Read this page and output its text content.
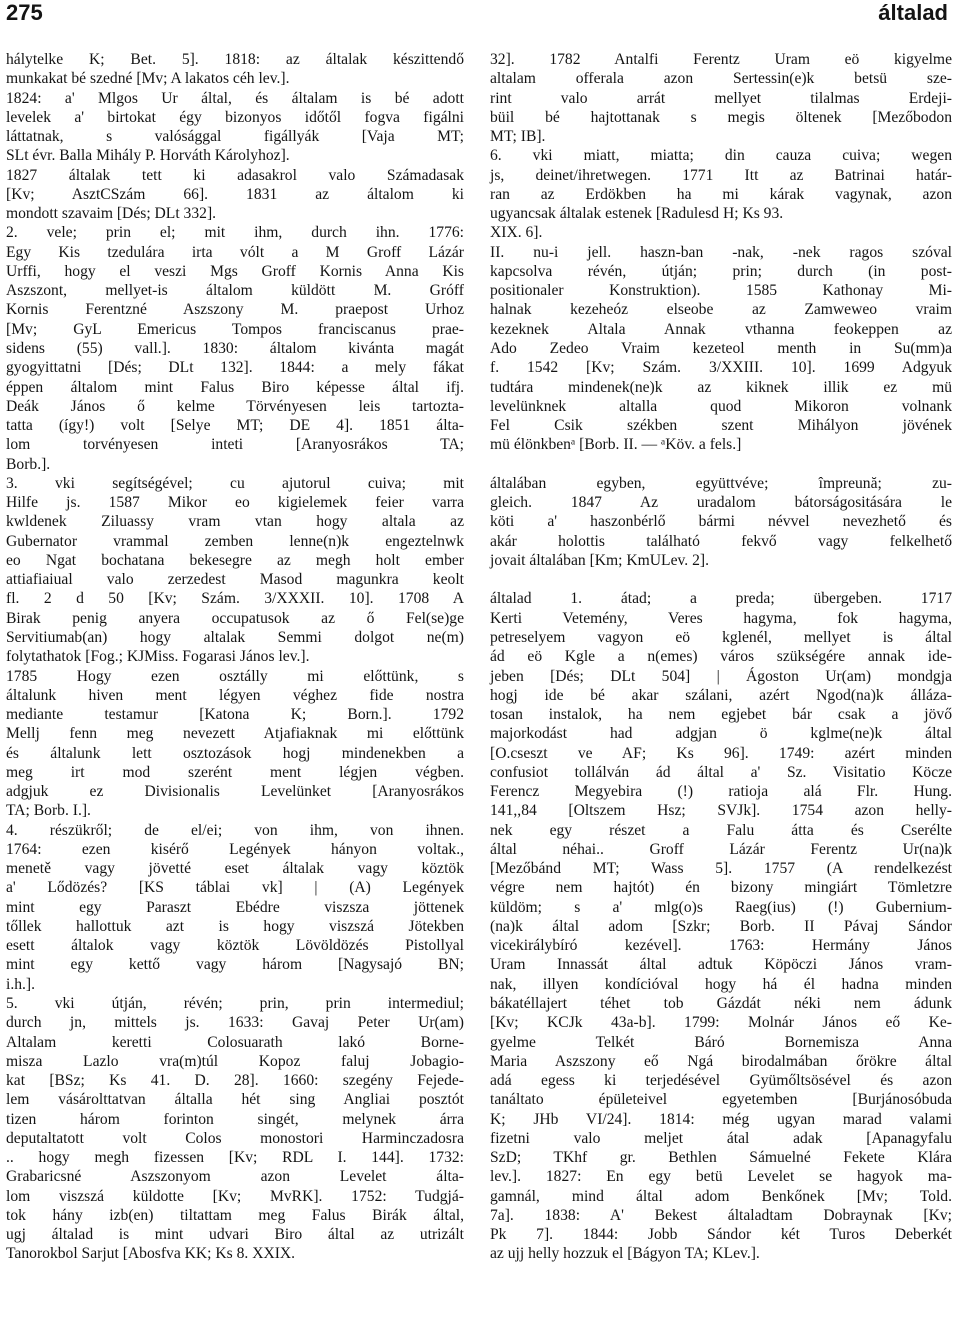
275	általad
hálytelke K; Bet. 5]. 1818: az általak készittendő
munkakat bé szedné [Mv; A lakatos céh lev.].
1824: a' Mlgos Ur által, és általam is bé adott
levelek a' birtokat égy bizonyos időtől fogva figálni
láttatnak, s valósággal figállyák [Vaja MT;
SLt évr. Balla Mihály P. Horváth Károlyhoz].
1827 általak tett ki adasakrol valo Számadasak
[Kv; AsztCSzám 66]. 1831 az általom ki
mondott szavaim [Dés; DLt 332].
2. vele; prin el; mit ihm, durch ihn. 1776:
Egy Kis tzedulára irta vólt a M Groff Lázár
Urffi, hogy el veszi Mgs Groff Kornis Anna Kis
Aszszont, mellyet-is általom küldött M. Gróff
Kornis Ferentzné Aszszony M. praepost Urhoz
[Mv; GyL Emericus Tompos franciscanus prae-
sidens (55) vall.]. 1830: általom kivánta magát
gyogyittatni [Dés; DLt 132]. 1844: a mely fákat
éppen általom mint Falus Biro képesse által ifj.
Deák János ő kelme Törvényesen leis tartozta-
tatta (így!) volt [Selye MT; DE 4]. 1851 álta-
lom torvényesen inteti [Aranyosrákos TA;
Borb.].
3. vki segítségével; cu ajutorul cuiva; mit
Hilfe js. 1587 Mikor eo kigielemek feier varra
kwldenek Ziluassy vram vtan hogy altala az
Gubernator vrammal zemben lenne(n)k engeztelnwk
eo Ngat bochatana bekesegre az megh holt ember
attiafiaiual valo zerzedest Masod magunkra keolt
fl. 2 d 50 [Kv; Szám. 3/XXXII. 10]. 1708 A
Birak penig anyera occupatusok az ő Fel(se)ge
Servitiumab(an) hogy altalak Semmi dolgot ne(m)
folytathatok [Fog.; KJMiss. Fogarasi János lev.].
1785 Hogy ezen osztálly mi előttünk, s
általunk hiven ment légyen véghez fide nostra
mediante testamur [Katona K; Born.]. 1792
Mellj fenn meg nevezett Atjafiaknak mi előttünk
és általunk lett osztozások hogj mindenekben a
meg irt mod szerént ment légjen végben.
adgjuk ez Divisionalis Levelünket [Aranyosrákos
TA; Borb. I.].
4. részükről; de el/ei; von ihm, von ihnen.
1764: ezen kisérő Legények hányon voltak.,
menetě vagy jövetté eset általak vagy köztök
a' Lődözés? [KS táblai vk] | (A) Legények
mint egy Paraszt Ebédre viszsza jöttenek
tőllek hallottuk azt is hogy viszszá Jötekben
esett általok vagy köztök Lövöldözés Pistollyal
mint egy kettő vagy három [Nagysajó BN;
i.h.].
5. vki útján, révén; prin, prin intermediul;
durch jn, mittels js. 1633: Gavaj Peter Ur(am)
Altalam keretti Colosuarath lakó Borne-
misza Lazlo vra(m)túl Kopoz faluj Jobagio-
kat [BSz; Ks 41. D. 28]. 1660: szegény Fejede-
lem vásárolttatvan általla hét sing Angliai posztót
tizen három forinton singét, melynek árra
deputaltatott volt Colos monostori Harminczadosra
.. hogy megh fizessen [Kv; RDL I. 144]. 1732:
Grabaricsné Aszszonyom azon Levelet álta-
lom viszszá küldotte [Kv; MvRK]. 1752: Tudgjá-
tok hány izb(en) tiltattam meg Falus Birák által,
ugj általad is mint udvari Biro által az utrizált
Tanorokbol Sarjut [Abosfva KK; Ks 8. XXIX.
32]. 1782 Antalfi Ferentz Uram eö kigyelme
altalam offerala azon Sertessin(e)k betsü sze-
rint valo arrát mellyet tilalmas Erdeji-
büil bé hajtottanak s megis öltenek [Mezőbodon
MT; IB].
6. vki miatt, miatta; din cauza cuiva; wegen
js, deinet/ihretwegen. 1771 Itt az Batrinai határ-
ran az Erdökben ha mi kárak vagynak, azon
ugyancsak általak estenek [Radulesd H; Ks 93.
XIX. 6].
II. nu-i jell. haszn-ban -nak, -nek ragos szóval
kapcsolva révén, útján; prin; durch (in post-
positionaler Konstruktion). 1585 Kathonay Mi-
halnak kezeheóz elseobe az Zamweweo vraim
kezeknek Altala Annak vthanna feokeppen az
Ado Zedeo Vraim kezeteol menth in Su(mm)a
f. 1542 [Kv; Szám. 3/XXIII. 10]. 1699 Adgyuk
tudtára mindenek(ne)k az kiknek illik ez mü
levelünknek altalla quod Mikoron volnank
Fel Csik székben szent Mihályon jövének
mü élönkbenᵃ [Borb. II. — ᵃKöv. a fels.]
általában egyben, együttvéve; împreună; zu-
gleich. 1847 Az uradalom bátorságositására le
köti a' haszonbérlő bármi névvel nevezhető és
akár holottis található fekvő vagy felkelhető
jovait általában [Km; KmULev. 2].
általad 1. átad; a preda; übergeben. 1717
Kerti Vetemény, Veres hagyma, fok hagyma,
petreselyem vagyon eö kglenél, mellyet is által
ád eö Kgle a n(emes) város szükségére annak ide-
jeben [Dés; DLt 504] | Ágoston Ur(am) mondgja
hogj ide bé akar szálani, azért Ngod(na)k álláza-
tosan instalok, ha nem egjebet bár csak a jövő
majorkodást had adgjan ö kglme(ne)k által
[O.cseszt ve AF; Ks 96]. 1749: azért minden
confusiot tollálván ád által a' Sz. Visitatio Köcze
Ferencz Megyebira (!) ratioja alá Flr. Hung.
141,,84 [Oltszem Hsz; SVJk]. 1754 azon helly-
nek egy részet a Falu átta és Cserélte
által néhai.. Groff Lázár Ferentz Ur(na)k
[Mezőbánd MT; Wass 5]. 1757 (A rendelkezést
végre nem hajtót) én bizony mingiárt Tömletzre
küldöm; s a' mlg(o)s Raeg(ius) (!) Gubernium-
(na)k által adom [Szkr; Borb. II Pávaj Sándor
vicekirálybíró kezével]. 1763: Hermány János
Uram Innassát által adtuk Köpöczi János vram-
nak, illyen kondícióval hogy há él hadna minden
bákatéllajert téhet tob Gázdát néki nem ádunk
[Kv; KCJk 43a-b]. 1799: Molnár János eő Ke-
gyelme Telkét Báró Bornemisza Anna
Maria Aszszony eő Ngá birodalmában őrökre által
adá egess ki terjedésével Gyümőltsösével és azon
tanáltato épületeivel egyetemben [Burjánosóbuda
K; JHb VI/24]. 1814: még ugyan marad valami
fizetni valo meljet átal adak [Apanagyfalu
SzD; TKhf gr. Bethlen Sámuelné Fekete Klára
lev.]. 1827: En egy betü Levelet se hagyok ma-
gamnál, mind által adom Benkőnek [Mv; Told.
7a]. 1838: A' Bekest általadtam Dobraynak [Kv;
Pk 7]. 1844: Jobb Sándor két Turos Deberkét
az ujj helly hozzuk el [Bágyon TA; KLev.].
